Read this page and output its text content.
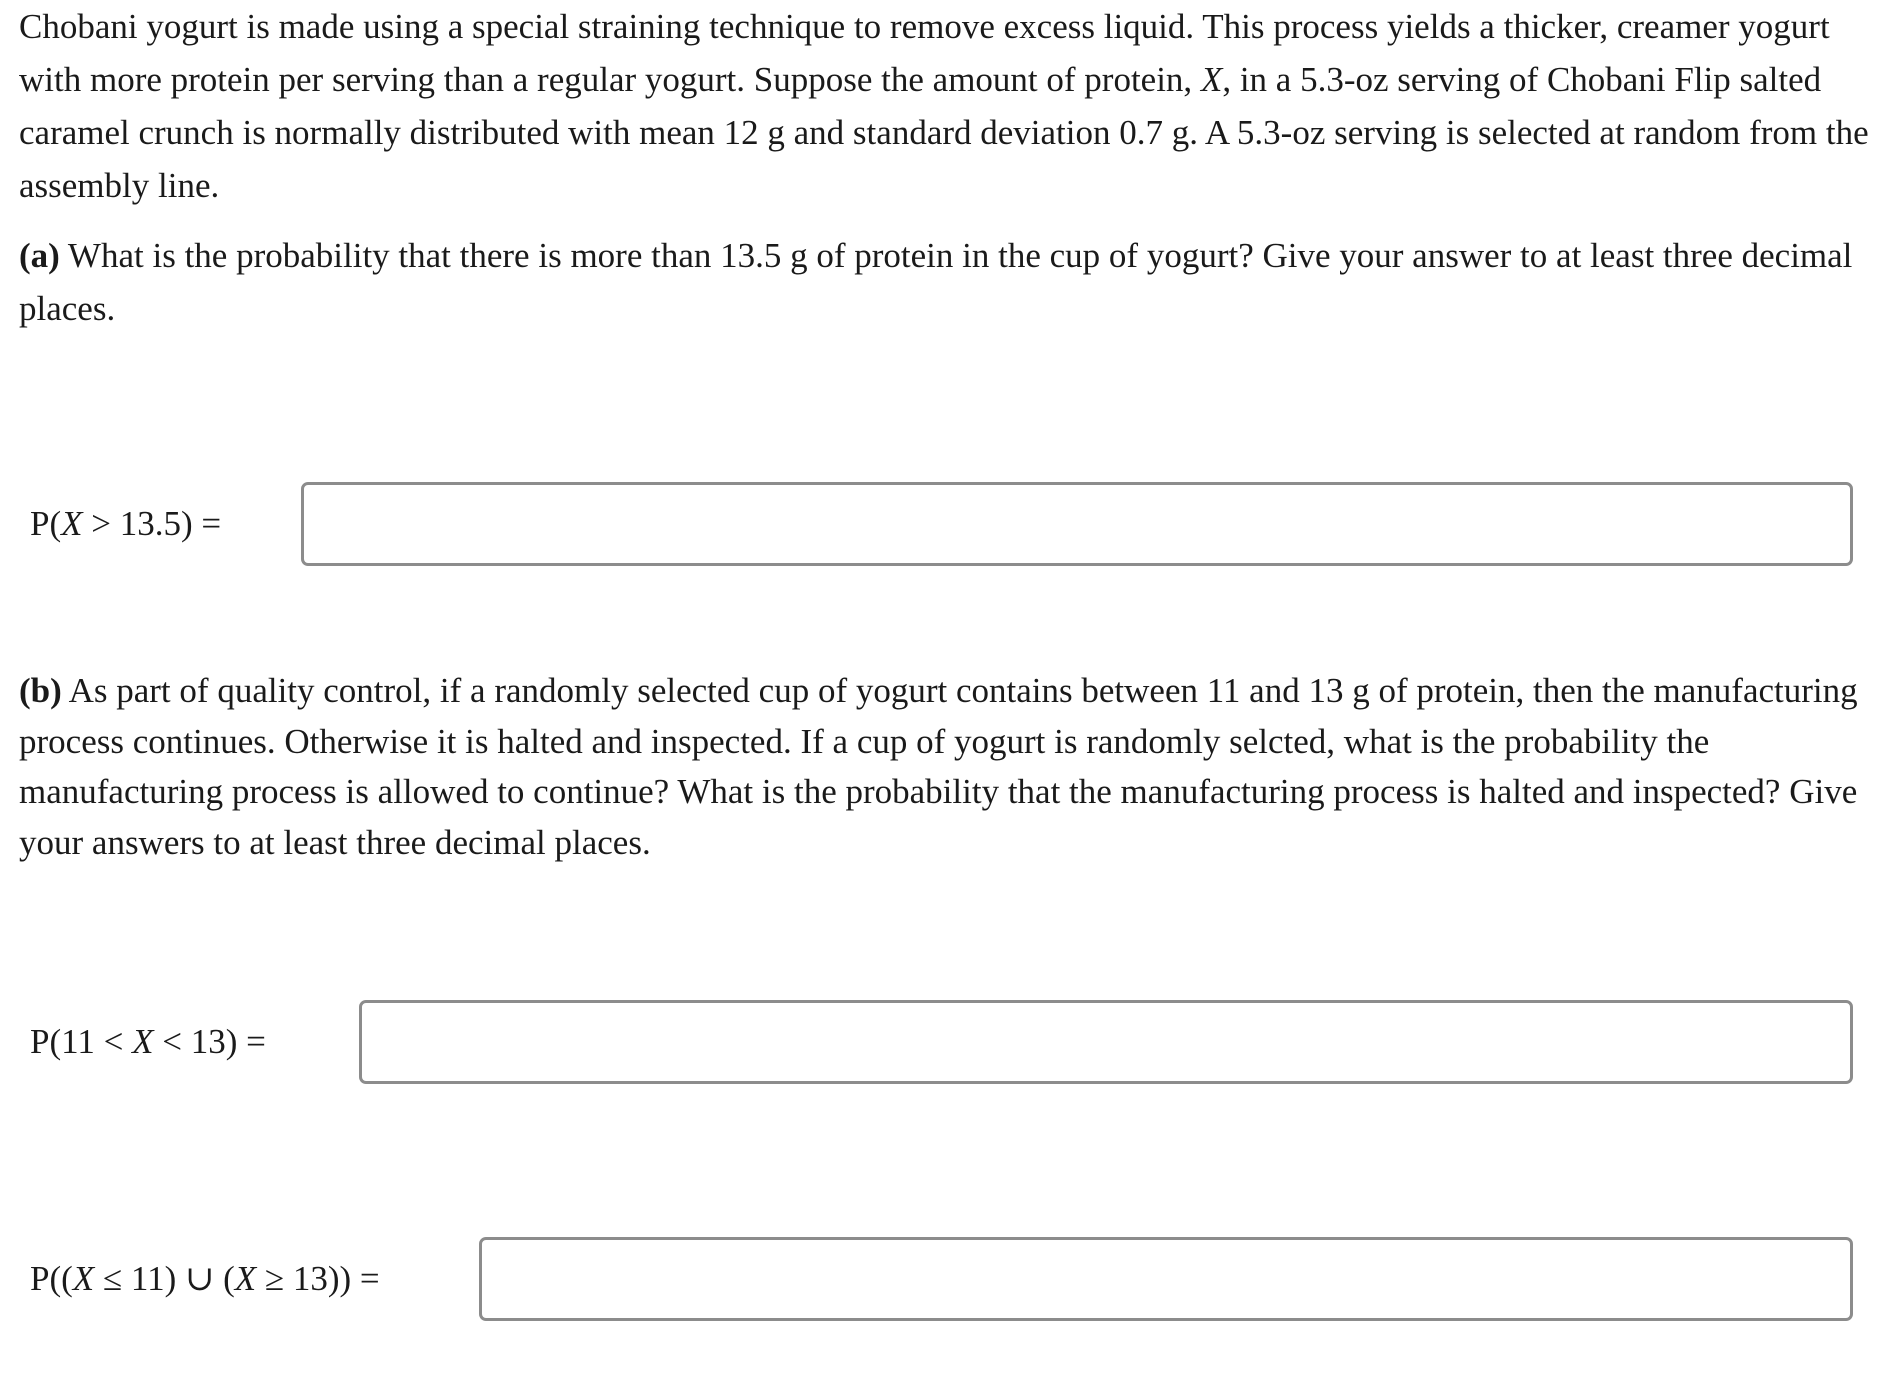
Chobani yogurt is made using a special straining technique to remove excess liquid. This process yields a thicker, creamer yogurt with more protein per serving than a regular yogurt. Suppose the amount of protein, X, in a 5.3-oz serving of Chobani Flip salted caramel crunch is normally distributed with mean 12 g and standard deviation 0.7 g. A 5.3-oz serving is selected at random from the assembly line.

(a) What is the probability that there is more than 13.5 g of protein in the cup of yogurt? Give your answer to at least three decimal places.

P(X > 13.5) =

(b) As part of quality control, if a randomly selected cup of yogurt contains between 11 and 13 g of protein, then the manufacturing process continues. Otherwise it is halted and inspected. If a cup of yogurt is randomly selcted, what is the probability the manufacturing process is allowed to continue? What is the probability that the manufacturing process is halted and inspected? Give your answers to at least three decimal places.

P(11 < X < 13) =
P((X ≤ 11) ∪ (X ≥ 13)) =
